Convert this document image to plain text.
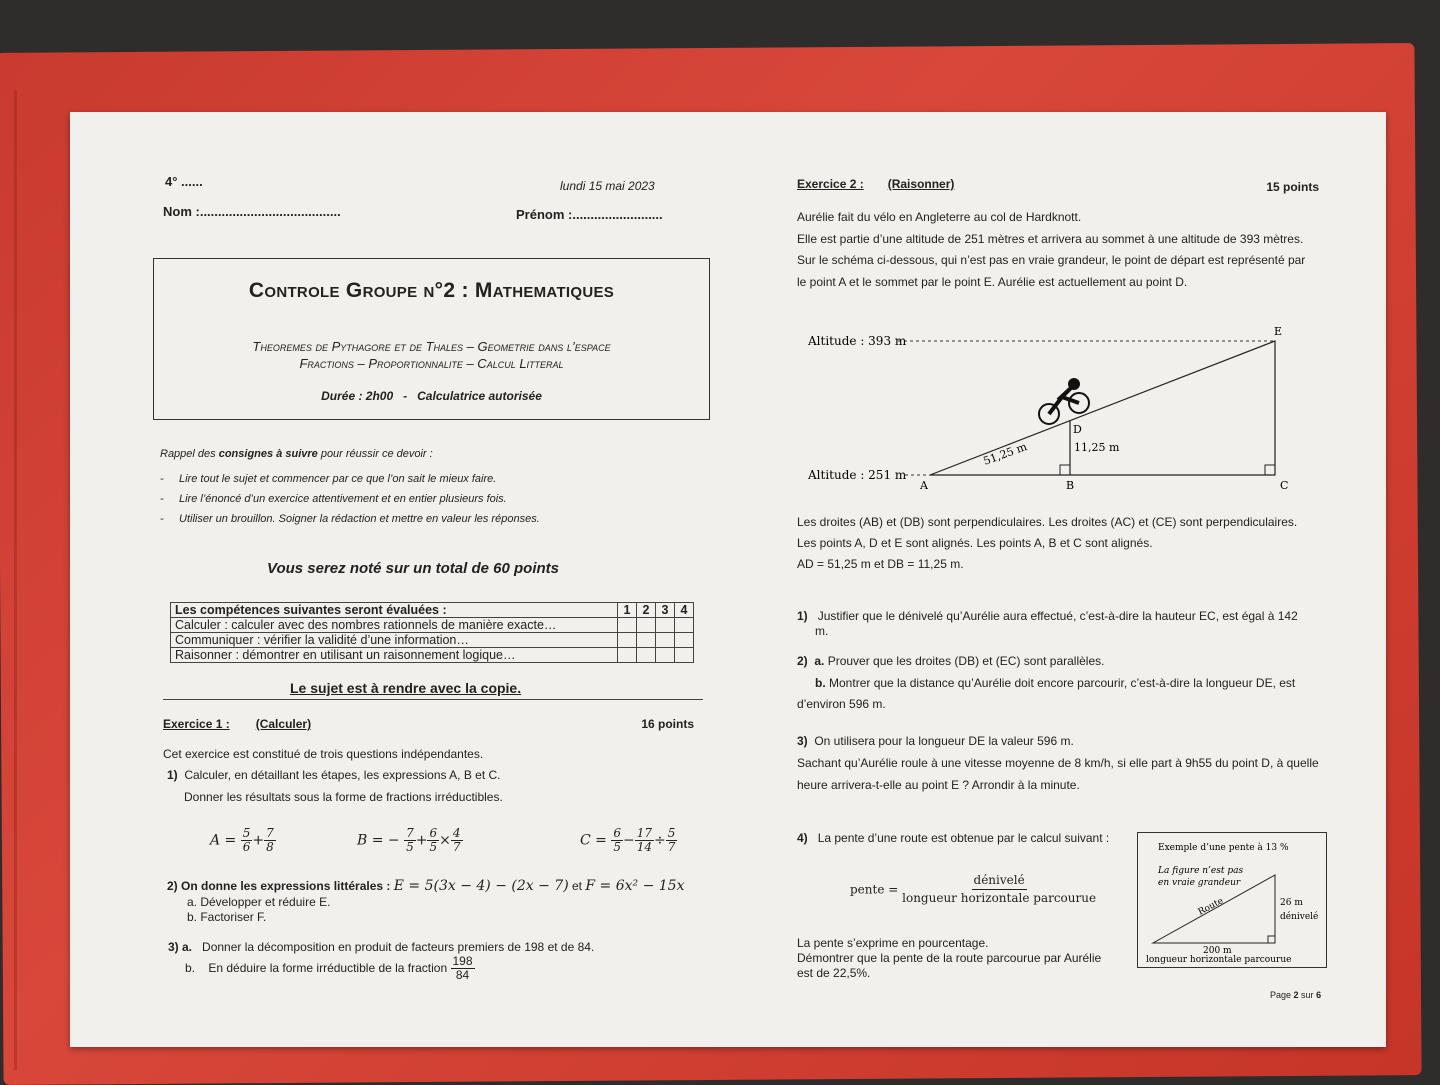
4° ......	lundi 15 mai 2023
Nom :.......................................	Prénom :.........................
Controle Groupe n°2 : Mathematiques
Theoremes de Pythagore et de Thales – Geometrie dans l’espace
Fractions – Proportionnalite – Calcul Litteral
Durée : 2h00   -   Calculatrice autorisée
Rappel des consignes à suivre pour réussir ce devoir :
- Lire tout le sujet et commencer par ce que l’on sait le mieux faire.
- Lire l’énoncé d’un exercice attentivement et en entier plusieurs fois.
- Utiliser un brouillon. Soigner la rédaction et mettre en valeur les réponses.
Vous serez noté sur un total de 60 points
Les compétences suivantes seront évaluées :	1	2	3	4
Calculer : calculer avec des nombres rationnels de manière exacte…				
Communiquer : vérifier la validité d’une information…				
Raisonner : démontrer en utilisant un raisonnement logique…				
Le sujet est à rendre avec la copie.
Exercice 1 : (Calculer)	16 points
Cet exercice est constitué de trois questions indépendantes.
1) Calculer, en détaillant les étapes, les expressions A, B et C.
Donner les résultats sous la forme de fractions irréductibles.
$A = \frac{5}{6} + \frac{7}{8}$	B = − $\frac{7}{5} + \frac{6}{5} \times \frac{4}{7}$	$C = \frac{6}{5} - \frac{17}{14} \div \frac{5}{7}$
2) On donne les expressions littérales : E = 5(3x − 4) − (2x − 7) et F = 6x² − 15x
a. Développer et réduire E.
b. Factoriser F.
3) a. Donner la décomposition en produit de facteurs premiers de 198 et de 84.
b. En déduire la forme irréductible de la fraction $\frac{198}{84}$
Exercice 2 : (Raisonner)	15 points
Aurélie fait du vélo en Angleterre au col de Hardknott.
Elle est partie d’une altitude de 251 mètres et arrivera au sommet à une altitude de 393 mètres.
Sur le schéma ci-dessous, qui n’est pas en vraie grandeur, le point de départ est représenté par
le point A et le sommet par le point E. Aurélie est actuellement au point D.
Altitude : 393 m
Altitude : 251 m
A	B	C
D
E
51,25 m	11,25 m
Les droites (AB) et (DB) sont perpendiculaires. Les droites (AC) et (CE) sont perpendiculaires.
Les points A, D et E sont alignés. Les points A, B et C sont alignés.
AD = 51,25 m et DB = 11,25 m.
1) Justifier que le dénivelé qu’Aurélie aura effectué, c’est-à-dire la hauteur EC, est égal à 142
m.
2) a. Prouver que les droites (DB) et (EC) sont parallèles.
b. Montrer que la distance qu’Aurélie doit encore parcourir, c’est-à-dire la longueur DE, est
d’environ 596 m.
3) On utilisera pour la longueur DE la valeur 596 m.
Sachant qu’Aurélie roule à une vitesse moyenne de 8 km/h, si elle part à 9h55 du point D, à quelle
heure arrivera-t-elle au point E ? Arrondir à la minute.
4) La pente d’une route est obtenue par le calcul suivant :
pente = $\frac{\text{dénivelé}}{\text{longueur horizontale parcourue}}$
La pente s’exprime en pourcentage.
Démontrer que la pente de la route parcourue par Aurélie
est de 22,5%.
Exemple d’une pente à 13 %
La figure n’est pas
en vraie grandeur
Route	26 m
dénivelé
200 m
longueur horizontale parcourue
Page 2 sur 6
